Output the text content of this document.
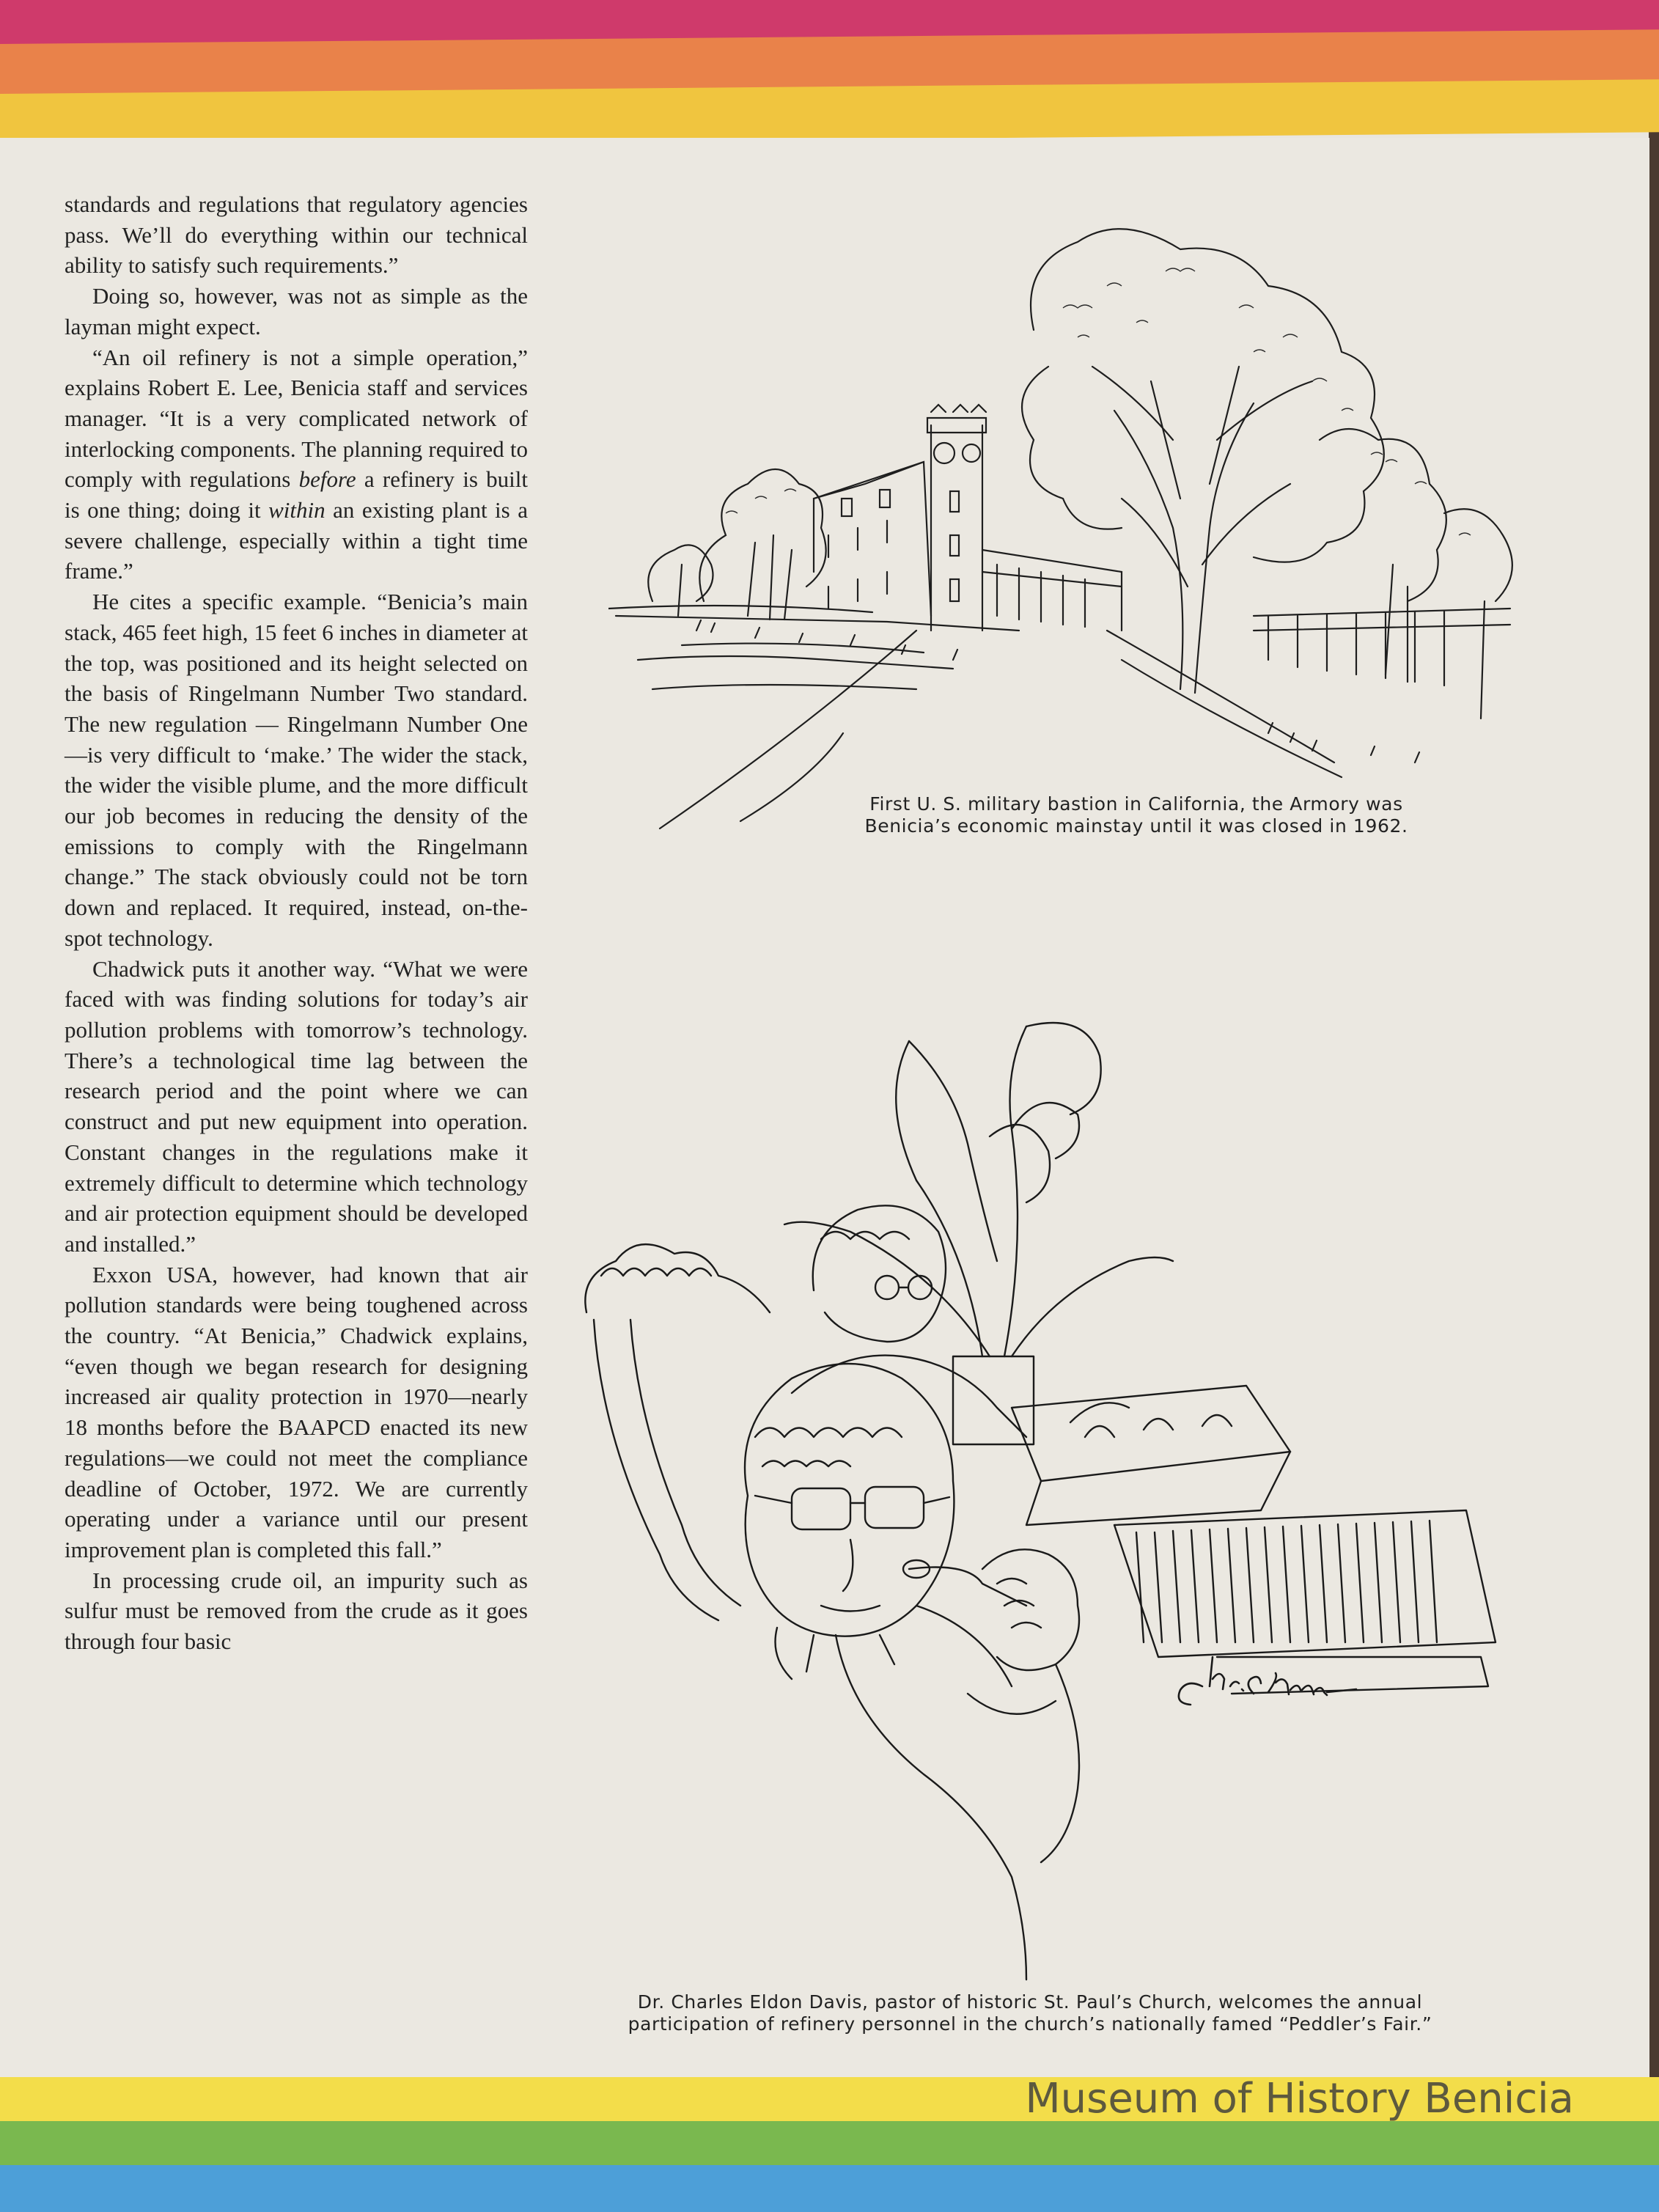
standards and regulations that regulatory agencies pass. We’ll do everything within our technical ability to satisfy such requirements.”

Doing so, however, was not as simple as the layman might expect.

“An oil refinery is not a simple operation,” explains Robert E. Lee, Benicia staff and services manager. “It is a very complicated network of interlocking components. The planning required to comply with regulations before a refinery is built is one thing; doing it within an existing plant is a severe challenge, especially within a tight time frame.”

He cites a specific example. “Benicia’s main stack, 465 feet high, 15 feet 6 inches in diameter at the top, was positioned and its height selected on the basis of Ringelmann Number Two standard. The new regulation — Ringelmann Number One—is very difficult to ‘make.’ The wider the stack, the wider the visible plume, and the more difficult our job becomes in reducing the density of the emissions to comply with the Ringelmann change.” The stack obviously could not be torn down and replaced. It required, instead, on-the-spot technology.

Chadwick puts it another way. “What we were faced with was finding solutions for today’s air pollution problems with tomorrow’s technology. There’s a technological time lag between the research period and the point where we can construct and put new equipment into operation. Constant changes in the regulations make it extremely difficult to determine which technology and air protection equipment should be developed and installed.”

Exxon USA, however, had known that air pollution standards were being toughened across the country. “At Benicia,” Chadwick explains, “even though we began research for designing increased air quality protection in 1970—nearly 18 months before the BAAPCD enacted its new regulations—we could not meet the compliance deadline of October, 1972. We are currently operating under a variance until our present improvement plan is completed this fall.”

In processing crude oil, an impurity such as sulfur must be removed from the crude as it goes through four basic

First U. S. military bastion in California, the Armory was
Benicia’s economic mainstay until it was closed in 1962.
Dr. Charles Eldon Davis, pastor of historic St. Paul’s Church, welcomes the annual
participation of refinery personnel in the church’s nationally famed “Peddler’s Fair.”
Museum of History Benicia
